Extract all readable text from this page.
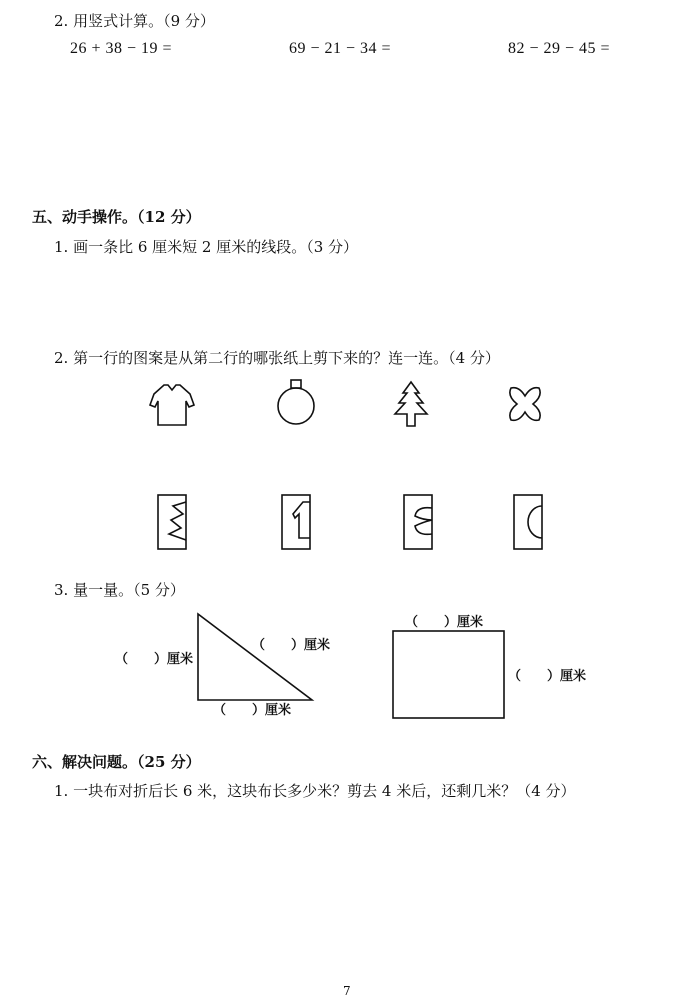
2. 用竖式计算。（9 分）
26 + 38 − 19 =	69 − 21 − 34 =	82 − 29 − 45 =
五、动手操作。（12 分）
1. 画一条比 6 厘米短 2 厘米的线段。（3 分）
2. 第一行的图案是从第二行的哪张纸上剪下来的？连一连。（4 分）
3. 量一量。（5 分）
（　　）厘米
（　　）厘米
（　　）厘米
（　　）厘米
（　　）厘米
六、解决问题。（25 分）
1. 一块布对折后长 6 米，这块布长多少米？剪去 4 米后，还剩几米？（4 分）
7
